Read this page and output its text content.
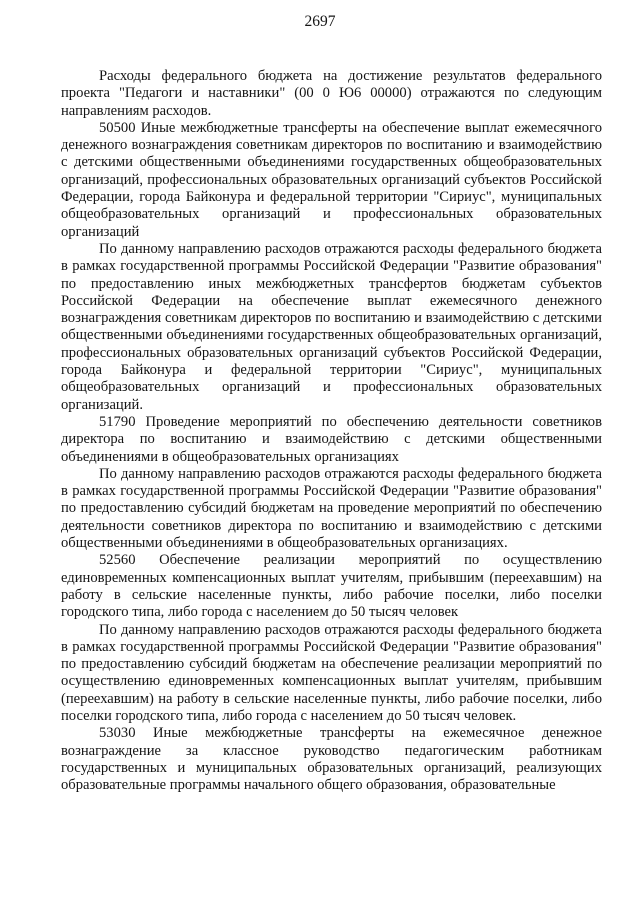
2697

Расходы федерального бюджета на достижение результатов федерального проекта "Педагоги и наставники" (00 0 Ю6 00000) отражаются по следующим направлениям расходов.

50500 Иные межбюджетные трансферты на обеспечение выплат ежемесячного денежного вознаграждения советникам директоров по воспитанию и взаимодействию с детскими общественными объединениями государственных общеобразовательных организаций, профессиональных образовательных организаций субъектов Российской Федерации, города Байконура и федеральной территории "Сириус", муниципальных общеобразовательных организаций и профессиональных образовательных организаций

По данному направлению расходов отражаются расходы федерального бюджета в рамках государственной программы Российской Федерации "Развитие образования" по предоставлению иных межбюджетных трансфертов бюджетам субъектов Российской Федерации на обеспечение выплат ежемесячного денежного вознаграждения советникам директоров по воспитанию и взаимодействию с детскими общественными объединениями государственных общеобразовательных организаций, профессиональных образовательных организаций субъектов Российской Федерации, города Байконура и федеральной территории "Сириус", муниципальных общеобразовательных организаций и профессиональных образовательных организаций.

51790 Проведение мероприятий по обеспечению деятельности советников директора по воспитанию и взаимодействию с детскими общественными объединениями в общеобразовательных организациях

По данному направлению расходов отражаются расходы федерального бюджета в рамках государственной программы Российской Федерации "Развитие образования" по предоставлению субсидий бюджетам на проведение мероприятий по обеспечению деятельности советников директора по воспитанию и взаимодействию с детскими общественными объединениями в общеобразовательных организациях.

52560 Обеспечение реализации мероприятий по осуществлению единовременных компенсационных выплат учителям, прибывшим (переехавшим) на работу в сельские населенные пункты, либо рабочие поселки, либо поселки городского типа, либо города с населением до 50 тысяч человек

По данному направлению расходов отражаются расходы федерального бюджета в рамках государственной программы Российской Федерации "Развитие образования" по предоставлению субсидий бюджетам на обеспечение реализации мероприятий по осуществлению единовременных компенсационных выплат учителям, прибывшим (переехавшим) на работу в сельские населенные пункты, либо рабочие поселки, либо поселки городского типа, либо города с населением до 50 тысяч человек.

53030 Иные межбюджетные трансферты на ежемесячное денежное вознаграждение за классное руководство педагогическим работникам государственных и муниципальных образовательных организаций, реализующих образовательные программы начального общего образования, образовательные
